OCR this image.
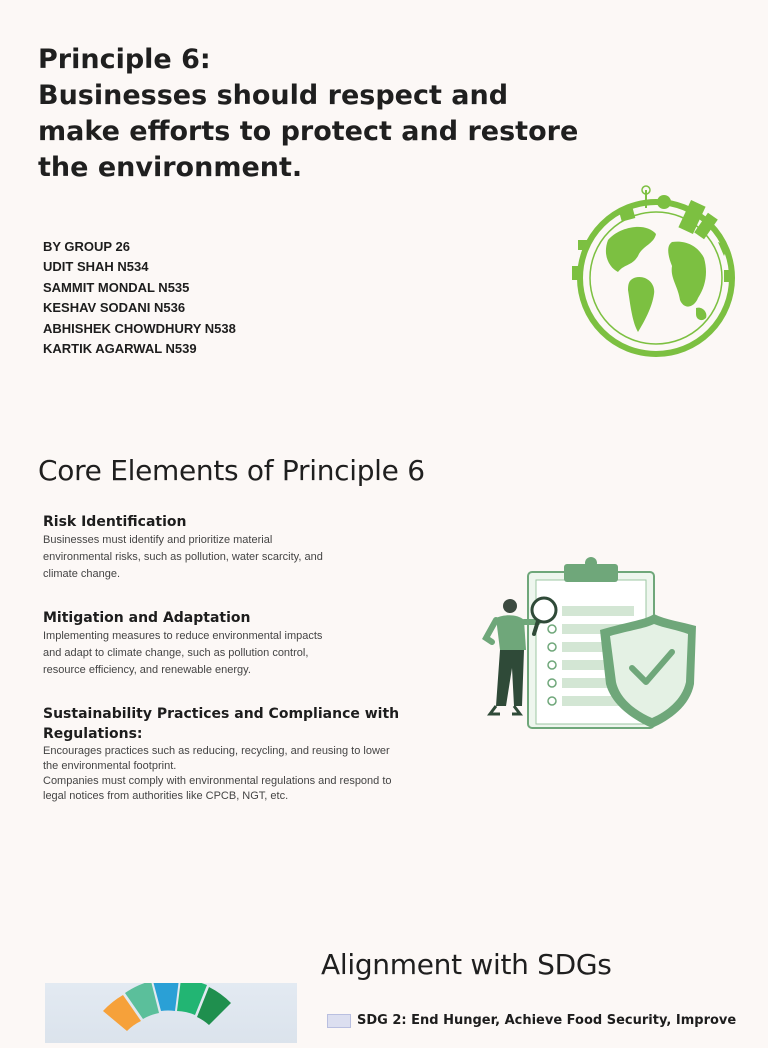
Principle 6:
Businesses should respect and
make efforts to protect and restore
the environment.
BY GROUP 26
UDIT SHAH N534
SAMMIT MONDAL N535
KESHAV SODANI N536
ABHISHEK CHOWDHURY N538
KARTIK AGARWAL N539
Core Elements of Principle 6
Risk Identification
Businesses must identify and prioritize material
environmental risks, such as pollution, water scarcity, and
climate change.
Mitigation and Adaptation
Implementing measures to reduce environmental impacts
and adapt to climate change, such as pollution control,
resource efficiency, and renewable energy.
Sustainability Practices and Compliance with
Regulations:
Encourages practices such as reducing, recycling, and reusing to lower
the environmental footprint.
Companies must comply with environmental regulations and respond to
legal notices from authorities like CPCB, NGT, etc.
Alignment with SDGs
SDG 2: End Hunger, Achieve Food Security, Improve
